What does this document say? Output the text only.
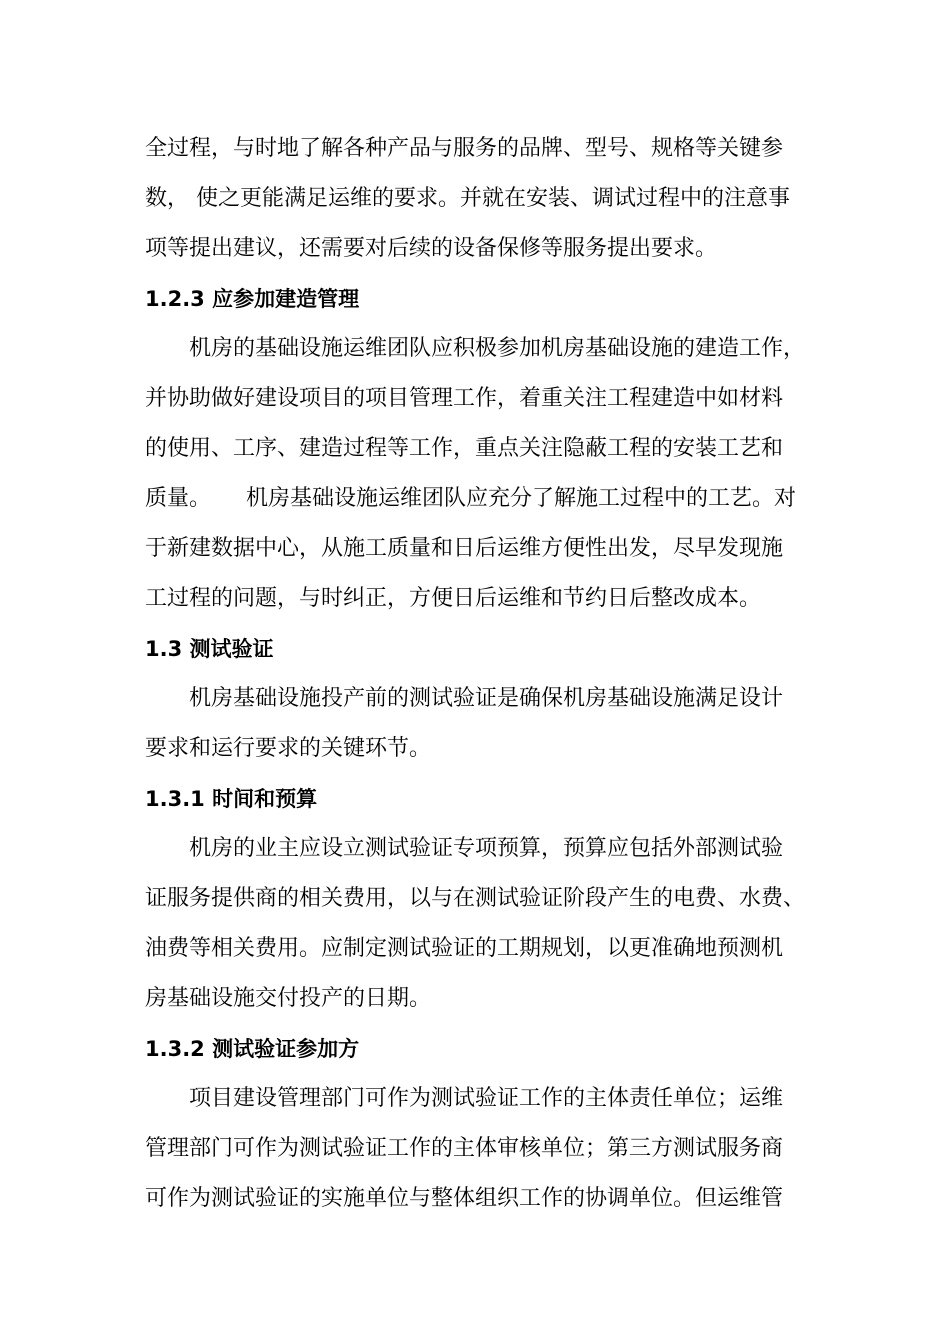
全过程，与时地了解各种产品与服务的品牌、型号、规格等关键参
数， 使之更能满足运维的要求。并就在安装、调试过程中的注意事
项等提出建议，还需要对后续的设备保修等服务提出要求。
1.2.3 应参加建造管理
机房的基础设施运维团队应积极参加机房基础设施的建造工作，
并协助做好建设项目的项目管理工作，着重关注工程建造中如材料
的使用、工序、建造过程等工作，重点关注隐蔽工程的安装工艺和
质量。     机房基础设施运维团队应充分了解施工过程中的工艺。对
于新建数据中心，从施工质量和日后运维方便性出发，尽早发现施
工过程的问题，与时纠正，方便日后运维和节约日后整改成本。
1.3 测试验证
机房基础设施投产前的测试验证是确保机房基础设施满足设计
要求和运行要求的关键环节。
1.3.1 时间和预算
机房的业主应设立测试验证专项预算，预算应包括外部测试验
证服务提供商的相关费用，以与在测试验证阶段产生的电费、水费、
油费等相关费用。应制定测试验证的工期规划，以更准确地预测机
房基础设施交付投产的日期。
1.3.2 测试验证参加方
项目建设管理部门可作为测试验证工作的主体责任单位；运维
管理部门可作为测试验证工作的主体审核单位；第三方测试服务商
可作为测试验证的实施单位与整体组织工作的协调单位。但运维管
